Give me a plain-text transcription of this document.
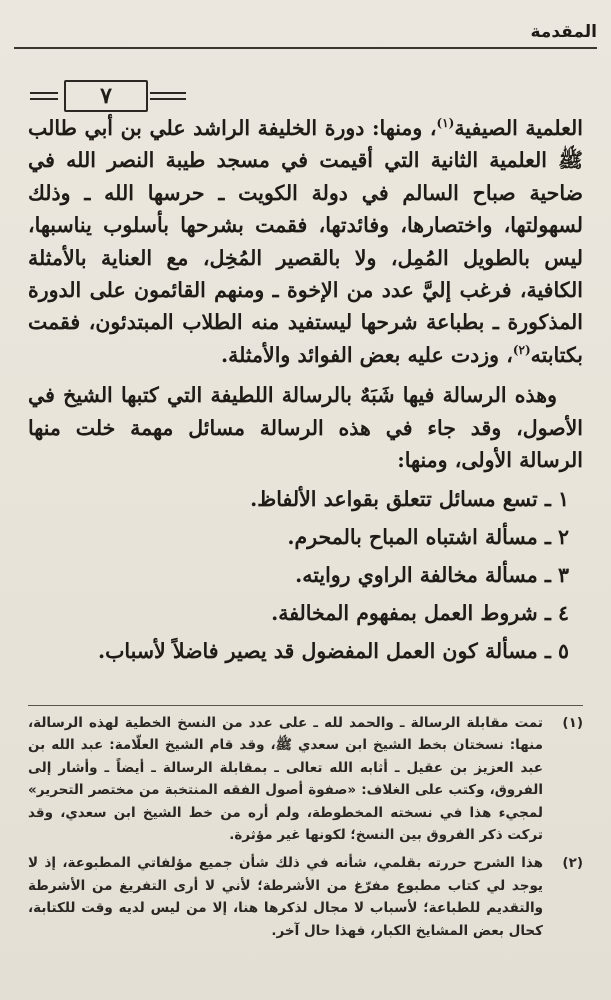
المقدمة
٧

العلمية الصيفية$^{(١)}$، ومنها: دورة الخليفة الراشد علي بن أبي طالب ﷺ العلمية الثانية التي أقيمت في مسجد طيبة النصر الله في ضاحية صباح السالم في دولة الكويت ـ حرسها الله ـ وذلك لسهولتها، واختصارها، وفائدتها، فقمت بشرحها بأسلوب يناسبها، ليس بالطويل المُمِل، ولا بالقصير المُخِل، مع العناية بالأمثلة الكافية، فرغب إليَّ عدد من الإخوة ـ ومنهم القائمون على الدورة المذكورة ـ بطباعة شرحها ليستفيد منه الطلاب المبتدئون، فقمت بكتابته$^{(٢)}$، وزدت عليه بعض الفوائد والأمثلة.

وهذه الرسالة فيها شَبَهٌ بالرسالة اللطيفة التي كتبها الشيخ في الأصول، وقد جاء في هذه الرسالة مسائل مهمة خلت منها الرسالة الأولى، ومنها:

١ ـ تسع مسائل تتعلق بقواعد الألفاظ.
٢ ـ مسألة اشتباه المباح بالمحرم.
٣ ـ مسألة مخالفة الراوي روايته.
٤ ـ شروط العمل بمفهوم المخالفة.
٥ ـ مسألة كون العمل المفضول قد يصير فاضلاً لأسباب.
(١)
تمت مقابلة الرسالة ـ والحمد لله ـ على عدد من النسخ الخطية لهذه الرسالة، منها: نسختان بخط الشيخ ابن سعدي ﷺ، وقد قام الشيخ العلّامة: عبد الله بن عبد العزيز بن عقيل ـ أثابه الله تعالى ـ بمقابلة الرسالة ـ أيضاً ـ وأشار إلى الفروق، وكتب على الغلاف: «صفوة أصول الفقه المنتخبة من مختصر التحرير» لمجيء هذا في نسخته المخطوطة، ولم أره من خط الشيخ ابن سعدي، وقد تركت ذكر الفروق بين النسخ؛ لكونها غير مؤثرة.
(٢)
هذا الشرح حررته بقلمي، شأنه في ذلك شأن جميع مؤلفاتي المطبوعة، إذ لا يوجد لي كتاب مطبوع مفرّغ من الأشرطة؛ لأني لا أرى التفريغ من الأشرطة والتقديم للطباعة؛ لأسباب لا مجال لذكرها هنا، إلا من ليس لديه وقت للكتابة، كحال بعض المشايخ الكبار، فهذا حال آخر.
